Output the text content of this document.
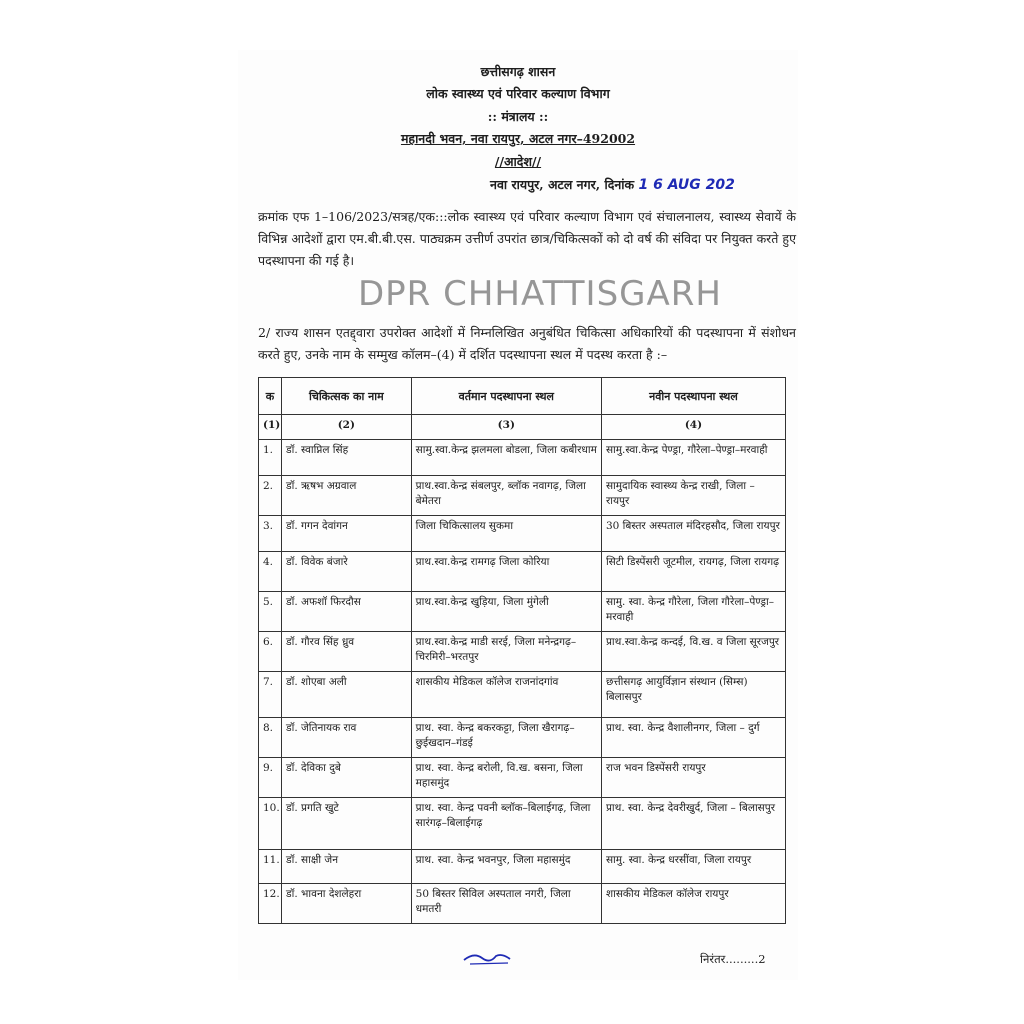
छत्तीसगढ़ शासन
लोक स्वास्थ्य एवं परिवार कल्याण विभाग
:: मंत्रालय ::
महानदी भवन, नवा रायपुर, अटल नगर–492002
//आदेश//
नवा रायपुर, अटल नगर, दिनांक 1 6 AUG 202
क्रमांक एफ 1–106/2023/सत्रह/एक:::लोक स्वास्थ्य एवं परिवार कल्याण विभाग एवं संचालनालय, स्वास्थ्य सेवायें के विभिन्न आदेशों द्वारा एम.बी.बी.एस. पाठ्यक्रम उत्तीर्ण उपरांत छात्र/चिकित्सकों को दो वर्ष की संविदा पर नियुक्त करते हुए पदस्थापना की गई है।
DPR CHHATTISGARH
2/ राज्य शासन एतद्द्वारा उपरोक्त आदेशों में निम्नलिखित अनुबंधित चिकित्सा अधिकारियों की पदस्थापना में संशोधन करते हुए, उनके नाम के सम्मुख कॉलम–(4) में दर्शित पदस्थापना स्थल में पदस्थ करता है :–
क	चिकित्सक का नाम	वर्तमान पदस्थापना स्थल	नवीन पदस्थापना स्थल
(1)	(2)	(3)	(4)
1.	डॉ. स्वाप्निल सिंह	सामु.स्वा.केन्द्र झलमला बोडला, जिला कबीरधाम	सामु.स्वा.केन्द्र पेण्ड्रा, गौरेला–पेण्ड्रा–मरवाही
2.	डॉ. ऋषभ अग्रवाल	प्राथ.स्वा.केन्द्र संबलपुर, ब्लॉक नवागढ़, जिला बेमेतरा	सामुदायिक स्वास्थ्य केन्द्र राखी, जिला – रायपुर
3.	डॉ. गगन देवांगन	जिला चिकित्सालय सुकमा	30 बिस्तर अस्पताल मंदिरहसौद, जिला रायपुर
4.	डॉ. विवेक बंजारे	प्राथ.स्वा.केन्द्र रामगढ़ जिला कोरिया	सिटी डिस्पेंसरी जूटमील, रायगढ़, जिला रायगढ़
5.	डॉ. अफशॉ फिरदौस	प्राथ.स्वा.केन्द्र खुड़िया, जिला मुंगेली	सामु. स्वा. केन्द्र गौरेला, जिला गौरेला–पेण्ड्रा–मरवाही
6.	डॉ. गौरव सिंह ध्रुव	प्राथ.स्वा.केन्द्र माडी सरई, जिला मनेन्द्रगढ़–चिरमिरी–भरतपुर	प्राथ.स्वा.केन्द्र कन्दई, वि.ख. व जिला सूरजपुर
7.	डॉ. शोएबा अली	शासकीय मेडिकल कॉलेज राजनांदगांव	छत्तीसगढ़ आयुर्विज्ञान संस्थान (सिम्स) बिलासपुर
8.	डॉ. जेतिनायक राव	प्राथ. स्वा. केन्द्र बकरकट्टा, जिला खैरागढ़–छुईखदान–गंडई	प्राथ. स्वा. केन्द्र वैशालीनगर, जिला – दुर्ग
9.	डॉ. देविका दुबे	प्राथ. स्वा. केन्द्र बरोली, वि.ख. बसना, जिला महासमुंद	राज भवन डिस्पेंसरी रायपुर
10.	डॉ. प्रगति खुटे	प्राथ. स्वा. केन्द्र पवनी ब्लॉक–बिलाईगढ़, जिला सारंगढ़–बिलाईगढ़	प्राथ. स्वा. केन्द्र देवरीखुर्द, जिला – बिलासपुर
11.	डॉ. साक्षी जेन	प्राथ. स्वा. केन्द्र भवनपुर, जिला महासमुंद	सामु. स्वा. केन्द्र धरसींवा, जिला रायपुर
12.	डॉ. भावना देशलेहरा	50 बिस्तर सिविल अस्पताल नगरी, जिला धमतरी	शासकीय मेडिकल कॉलेज रायपुर
निरंतर.........2
